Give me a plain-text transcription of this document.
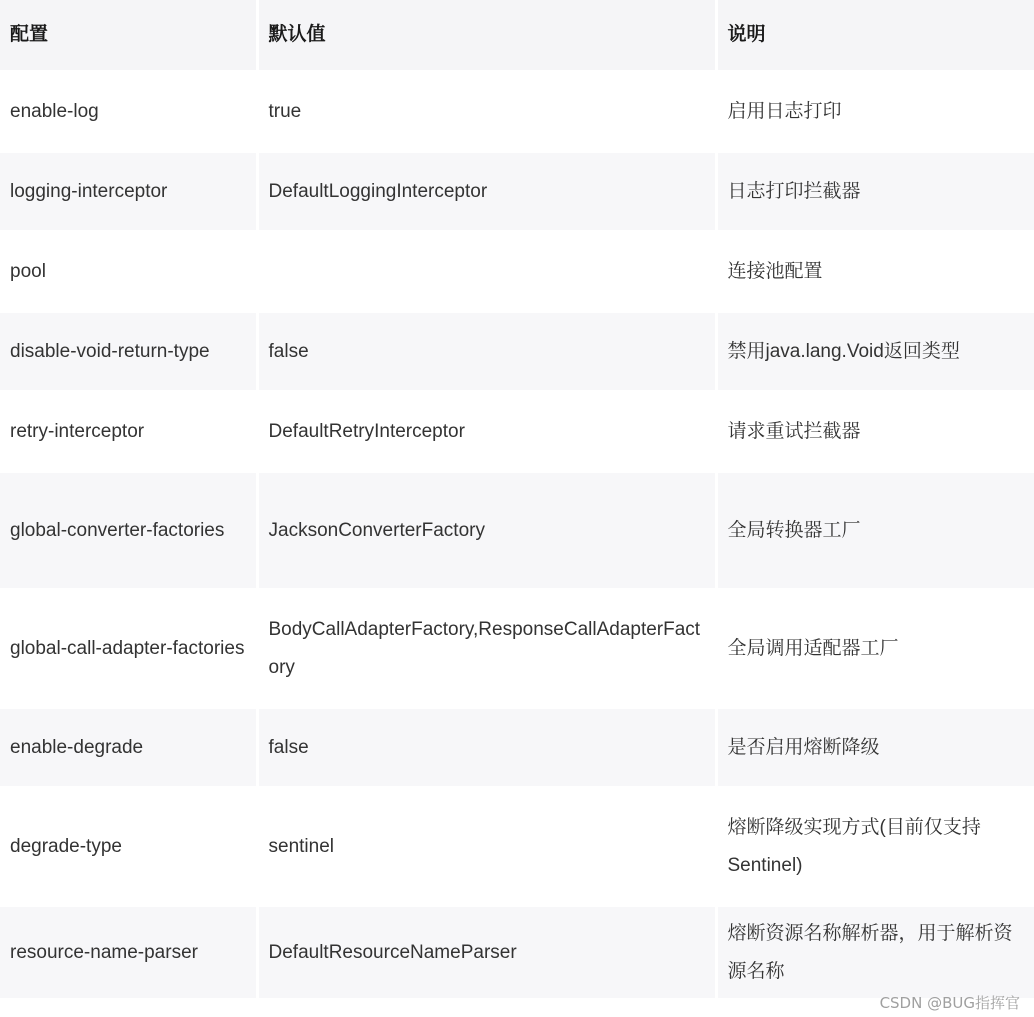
配置	默认值	说明
enable-log	true	启用日志打印
logging-interceptor	DefaultLoggingInterceptor	日志打印拦截器
pool		连接池配置
disable-void-return-type	false	禁用java.lang.Void返回类型
retry-interceptor	DefaultRetryInterceptor	请求重试拦截器
global-converter-factories	JacksonConverterFactory	全局转换器工厂
global-call-adapter-factories	BodyCallAdapterFactory,ResponseCallAdapterFactory	全局调用适配器工厂
enable-degrade	false	是否启用熔断降级
degrade-type	sentinel	熔断降级实现方式(目前仅支持Sentinel)
resource-name-parser	DefaultResourceNameParser	熔断资源名称解析器，用于解析资源名称
CSDN @BUG指挥官
